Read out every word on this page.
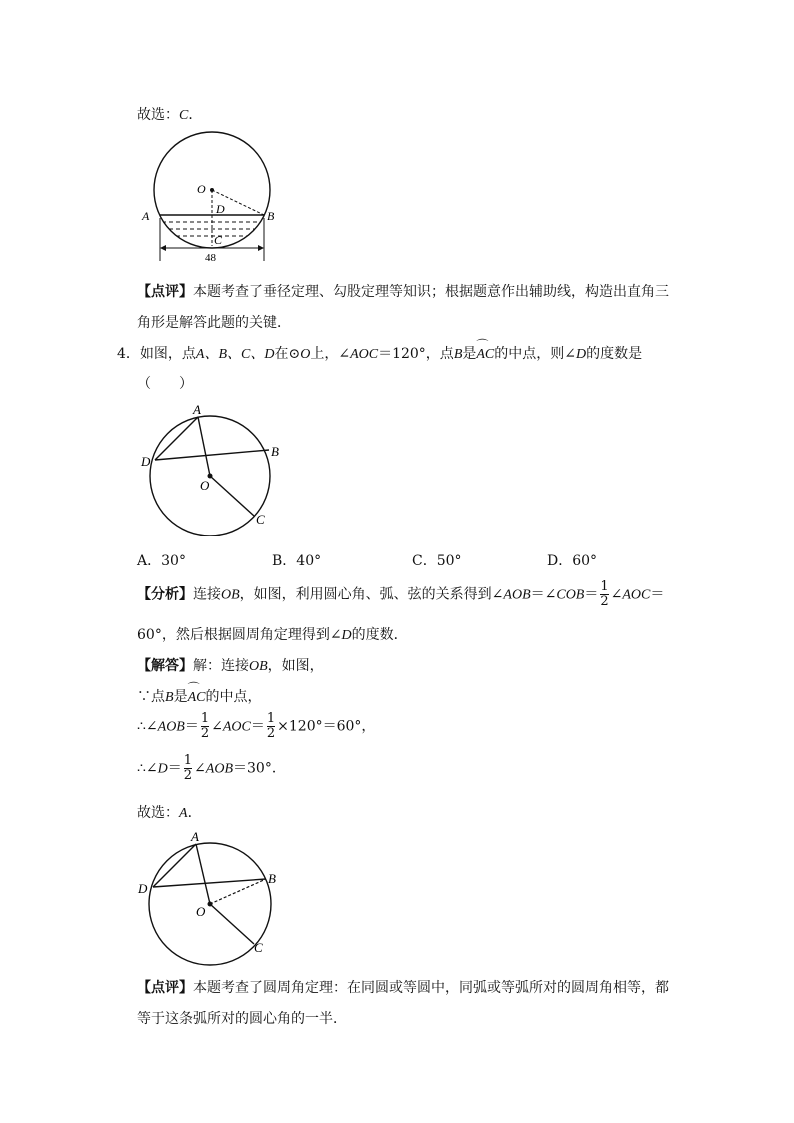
故选：C．
O
D
A	B
C
48
【点评】本题考查了垂径定理、勾股定理等知识；根据题意作出辅助线，构造出直角三
角形是解答此题的关键．
4．如图，点A、B、C、D在⊙O上，∠AOC＝120°，点B是⌒ AC的中点，则∠D的度数是
（　　）
A
B
C
D
O
A．30°	B．40°	C．50°	D．60°
【分析】连接OB，如图，利用圆心角、弧、弦的关系得到∠AOB＝∠COB＝ $\frac{1}{2}$ ∠AOC＝
60°，然后根据圆周角定理得到∠D的度数．
【解答】解：连接OB，如图，
∵点B是⌒ AC的中点，
∴∠AOB＝ $\frac{1}{2}$ ∠AOC＝ $\frac{1}{2} \times 120^\circ=60^\circ$，
∴∠D＝ $\frac{1}{2}$ ∠AOB＝30°．
故选：A．
A
B
C
D
O
【点评】本题考查了圆周角定理：在同圆或等圆中，同弧或等弧所对的圆周角相等，都
等于这条弧所对的圆心角的一半．
